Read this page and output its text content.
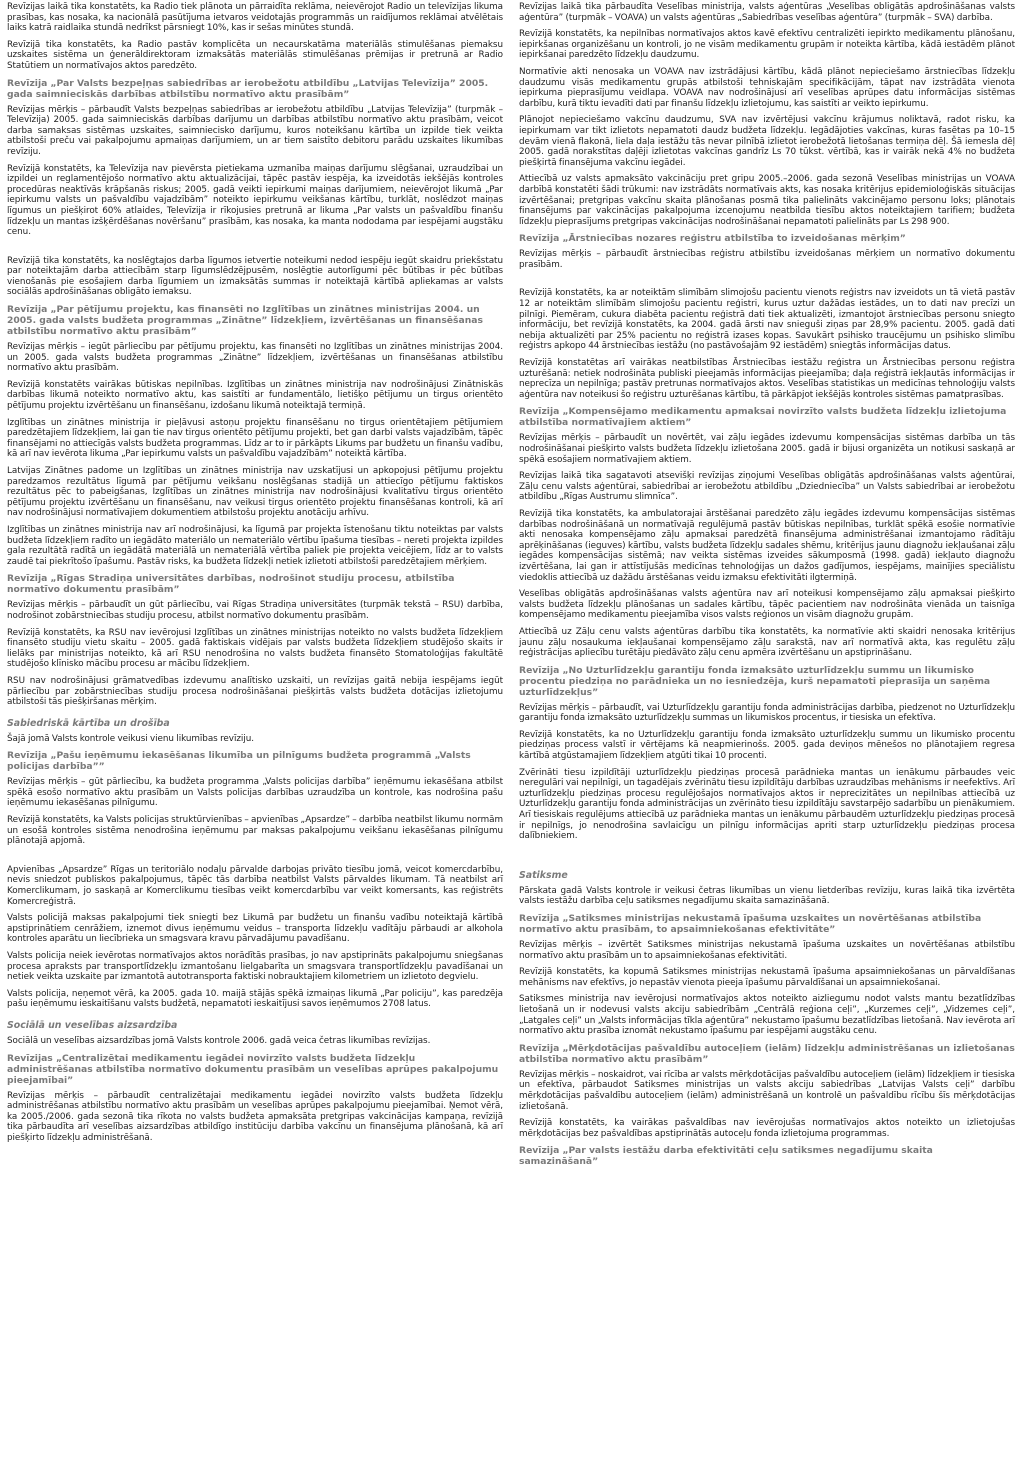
Revīzijas laikā tika konstatēts, ka Radio tiek plānota un pārraidīta reklāma, neievērojot Radio un televīzijas likuma prasības, kas nosaka, ka nacionālā pasūtījuma ietvaros veidotajās programmās un raidījumos reklāmai atvēlētais laiks katrā raidlaika stundā nedrīkst pārsniegt 10%, kas ir sešas minūtes stundā.
Revīzijā tika konstatēts, ka Radio pastāv komplicēta un necaurskatāma materiālās stimulēšanas piemaksu uzskaites sistēma un ģenerāldirektoram izmaksātās materiālās stimulēšanas prēmijas ir pretrunā ar Radio Statūtiem un normatīvajos aktos paredzēto.
Revīzija „Par Valsts bezpeļņas sabiedrības ar ierobežotu atbildību „Latvijas Televīzija” 2005. gada saimnieciskās darbības atbilstību normatīvo aktu prasībām”
Revīzijas mērķis – pārbaudīt Valsts bezpeļņas sabiedrības ar ierobežotu atbildību „Latvijas Televīzija” (turpmāk – Televīzija) 2005. gada saimnieciskās darbības darījumu un darbības atbilstību normatīvo aktu prasībām, veicot darba samaksas sistēmas uzskaites, saimniecisko darījumu, kuros noteikšanu kārtība un izpilde tiek veikta atbilstoši preču vai pakalpojumu apmaiņas darījumiem, un ar tiem saistīto debitoru parādu uzskaites likumības revīziju.
Revīzijā konstatēts, ka Televīzija nav pievērsta pietiekama uzmanība maiņas darījumu slēgšanai, uzraudzībai un izpildei un reglamentējošo normatīvo aktu aktualizācijai, tāpēc pastāv iespēja, ka izveidotās iekšējās kontroles procedūras neaktīvās krāpšanās riskus; 2005. gadā veikti iepirkumi maiņas darījumiem, neievērojot likumā „Par iepirkumu valsts un pašvaldību vajadzībām” noteikto iepirkumu veikšanas kārtību, turklāt, noslēdzot maiņas līgumus un piešķirot 60% atlaides, Televīzija ir rīkojusies pretrunā ar likuma „Par valsts un pašvaldību finanšu līdzekļu un mantas izšķērdēšanas novēršanu” prasībām, kas nosaka, ka manta nododama par iespējami augstāku cenu.
Revīzijā tika konstatēts, ka noslēgtajos darba līgumos ietvertie noteikumi nedod iespēju iegūt skaidru priekšstatu par noteiktajām darba attiecībām starp līgumslēdzējpusēm, noslēgtie autorlīgumi pēc būtības ir pēc būtības vienošanās pie esošajiem darba līgumiem un izmaksātās summas ir noteiktajā kārtībā apliekamas ar valsts sociālās apdrošināšanas obligāto iemaksu.
Revīzija „Par pētījumu projektu, kas finansēti no Izglītības un zinātnes ministrijas 2004. un 2005. gada valsts budžeta programmas „Zinātne” līdzekļiem, izvērtēšanas un finansēšanas atbilstību normatīvo aktu prasībām”
Revīzijas mērķis – iegūt pārliecību par pētījumu projektu, kas finansēti no Izglītības un zinātnes ministrijas 2004. un 2005. gada valsts budžeta programmas „Zinātne” līdzekļiem, izvērtēšanas un finansēšanas atbilstību normatīvo aktu prasībām.
Revīzijā konstatēts vairākas būtiskas nepilnības. Izglītības un zinātnes ministrija nav nodrošinājusi Zinātniskās darbības likumā noteikto normatīvo aktu, kas saistīti ar fundamentālo, lietišķo pētījumu un tirgus orientēto pētījumu projektu izvērtēšanu un finansēšanu, izdošanu likumā noteiktajā termiņā.
Izglītības un zinātnes ministrija ir pieļāvusi astoņu projektu finansēšanu no tirgus orientētajiem pētījumiem paredzētajiem līdzekļiem, lai gan tie nav tirgus orientēto pētījumu projekti, bet gan darbi valsts vajadzībām, tāpēc finansējami no attiecīgās valsts budžeta programmas. Līdz ar to ir pārkāpts Likums par budžetu un finanšu vadību, kā arī nav ievērota likuma „Par iepirkumu valsts un pašvaldību vajadzībām” noteiktā kārtība.
Latvijas Zinātnes padome un Izglītības un zinātnes ministrija nav uzskatījusi un apkopojusi pētījumu projektu paredzamos rezultātus līgumā par pētījumu veikšanu noslēgšanas stadijā un attiecīgo pētījumu faktiskos rezultātus pēc to pabeigšanas, Izglītības un zinātnes ministrija nav nodrošinājusi kvalitatīvu tirgus orientēto pētījumu projektu izvērtēšanu un finansēšanu, nav veikusi tirgus orientēto projektu finansēšanas kontroli, kā arī nav nodrošinājusi normatīvajiem dokumentiem atbilstošu projektu anotāciju arhīvu.
Izglītības un zinātnes ministrija nav arī nodrošinājusi, ka līgumā par projekta īstenošanu tiktu noteiktas par valsts budžeta līdzekļiem radīto un iegādāto materiālo un nemateriālo vērtību īpašuma tiesības – nereti projekta izpildes gala rezultātā radītā un iegādātā materiālā un nemateriālā vērtība paliek pie projekta veicējiem, līdz ar to valsts zaudē tai piekrītošo īpašumu. Pastāv risks, ka budžeta līdzekļi netiek izlietoti atbilstoši paredzētajiem mērķiem.
Revīzija „Rīgas Stradiņa universitātes darbības, nodrošinot studiju procesu, atbilstība normatīvo dokumentu prasībām”
Revīzijas mērķis – pārbaudīt un gūt pārliecību, vai Rīgas Stradiņa universitātes (turpmāk tekstā – RSU) darbība, nodrošinot zobārstniecības studiju procesu, atbilst normatīvo dokumentu prasībām.
Revīzijā konstatēts, ka RSU nav ievērojusi Izglītības un zinātnes ministrijas noteikto no valsts budžeta līdzekļiem finansēto studiju vietu skaitu – 2005. gadā faktiskais vidējais par valsts budžeta līdzekļiem studējošo skaits ir lielāks par ministrijas noteikto, kā arī RSU nenodrošina no valsts budžeta finansēto Stomatoloģijas fakultātē studējošo klīnisko mācību procesu ar mācību līdzekļiem.
RSU nav nodrošinājusi grāmatvedības izdevumu analītisko uzskaiti, un revīzijas gaitā nebija iespējams iegūt pārliecību par zobārstniecības studiju procesa nodrošināšanai piešķirtās valsts budžeta dotācijas izlietojumu atbilstoši tās piešķiršanas mērķim.
Sabiedriskā kārtība un drošība
Šajā jomā Valsts kontrole veikusi vienu likumības revīziju.
Revīzija „Pašu ieņēmumu iekasēšanas likumība un pilnīgums budžeta programmā „Valsts policijas darbība””
Revīzijas mērķis – gūt pārliecību, ka budžeta programma „Valsts policijas darbība” ieņēmumu iekasēšana atbilst spēkā esošo normatīvo aktu prasībām un Valsts policijas darbības uzraudzība un kontrole, kas nodrošina pašu ieņēmumu iekasēšanas pilnīgumu.
Revīzijā konstatēts, ka Valsts policijas struktūrvienības – apvienības „Apsardze” – darbība neatbilst likumu normām un esošā kontroles sistēma nenodrošina ieņēmumu par maksas pakalpojumu veikšanu iekasēšanas pilnīgumu plānotajā apjomā.
Apvienības „Apsardze” Rīgas un teritoriālo nodaļu pārvalde darbojas privāto tiesību jomā, veicot komercdarbību, nevis sniedzot publiskos pakalpojumus, tāpēc tās darbība neatbilst Valsts pārvaldes likumam. Tā neatbilst arī Komerclikumam, jo saskaņā ar Komerclikumu tiesības veikt komercdarbību var veikt komersants, kas reģistrēts Komercreģistrā.
Valsts policijā maksas pakalpojumi tiek sniegti bez Likumā par budžetu un finanšu vadību noteiktajā kārtībā apstiprinātiem cenrāžiem, iznemot divus ieņēmumu veidus – transporta līdzekļu vadītāju pārbaudi ar alkohola kontroles aparātu un liecībrieka un smagsvara kravu pārvadājumu pavadīšanu.
Valsts policija neiek ievērotas normatīvajos aktos norādītās prasības, jo nav apstiprināts pakalpojumu sniegšanas procesa apraksts par transportlīdzekļu izmantošanu lielgabarīta un smagsvara transportlīdzekļu pavadīšanai un netiek veikta uzskaite par izmantotā autotransporta faktiski nobrauktajiem kilometriem un izlietoto degvielu.
Valsts policija, neņemot vērā, ka 2005. gada 10. maijā stājās spēkā izmaiņas likumā „Par policiju”, kas paredzēja pašu ieņēmumu ieskaitīšanu valsts budžetā, nepamatoti ieskaitījusi savos ieņēmumos 2708 latus.
Sociālā un veselības aizsardzība
Sociālā un veselības aizsardzības jomā Valsts kontrole 2006. gadā veica četras likumības revīzijas.
Revīzijas „Centralizētai medikamentu iegādei novirzīto valsts budžeta līdzekļu administrēšanas atbilstība normatīvo dokumentu prasībām un veselības aprūpes pakalpojumu pieejamībai”
Revīzijas mērķis – pārbaudīt centralizētajai medikamentu iegādei novirzīto valsts budžeta līdzekļu administrēšanas atbilstību normatīvo aktu prasībām un veselības aprūpes pakalpojumu pieejamībai. Ņemot vērā, ka 2005./2006. gada sezonā tika rīkota no valsts budžeta apmaksāta pretgripas vakcinācijas kampaņa, revīzijā tika pārbaudīta arī veselības aizsardzības atbildīgo institūciju darbība vakcīnu un finansējuma plānošanā, kā arī piešķirto līdzekļu administrēšanā.
Revīzijas laikā tika pārbaudīta Veselības ministrija, valsts aģentūras „Veselības obligātās apdrošināšanas valsts aģentūra” (turpmāk – VOAVA) un valsts aģentūras „Sabiedrības veselības aģentūra” (turpmāk – SVA) darbība.
Revīzijā konstatēts, ka nepilnības normatīvajos aktos kavē efektīvu centralizēti iepirkto medikamentu plānošanu, iepirkšanas organizēšanu un kontroli, jo ne visām medikamentu grupām ir noteikta kārtība, kādā iestādēm plānot iepirkšanai paredzēto līdzekļu daudzumu.
Normatīvie akti nenosaka un VOAVA nav izstrādājusi kārtību, kādā plānot nepieciešamo ārstniecības līdzekļu daudzumu visās medikamentu grupās atbilstoši tehniskajām specifikācijām, tāpat nav izstrādāta vienota iepirkuma pieprasījumu veidlapa. VOAVA nav nodrošinājusi arī veselības aprūpes datu informācijas sistēmas darbību, kurā tiktu ievadīti dati par finanšu līdzekļu izlietojumu, kas saistīti ar veikto iepirkumu.
Plānojot nepieciešamo vakcīnu daudzumu, SVA nav izvērtējusi vakcīnu krājumus noliktavā, radot risku, ka iepirkumam var tikt izlietots nepamatoti daudz budžeta līdzekļu. Iegādājoties vakcīnas, kuras fasētas pa 10–15 devām vienā flakonā, liela daļa iestāžu tās nevar pilnībā izlietot ierobežotā lietošanas termiņa dēļ. Šā iemesla dēļ 2005. gadā norakstītas daļēji izlietotas vakcīnas gandrīz Ls 70 tūkst. vērtībā, kas ir vairāk nekā 4% no budžeta piešķirtā finansējuma vakcīnu iegādei.
Attiecībā uz valsts apmaksāto vakcināciju pret gripu 2005.–2006. gada sezonā Veselības ministrijas un VOAVA darbībā konstatēti šādi trūkumi: nav izstrādāts normatīvais akts, kas nosaka kritērijus epidemioloģiskās situācijas izvērtēšanai; pretgripas vakcīnu skaita plānošanas posmā tika palielināts vakcinējamo personu loks; plānotais finansējums par vakcinācijas pakalpojuma izcenojumu neatbilda tiesību aktos noteiktajiem tarifiem; budžeta līdzekļu pieprasījums pretgripas vakcinācijas nodrošināšanai nepamatoti palielināts par Ls 298 900.
Revīzija „Ārstniecības nozares reģistru atbilstība to izveidošanas mērķim”
Revīzijas mērķis – pārbaudīt ārstniecības reģistru atbilstību izveidošanas mērķiem un normatīvo dokumentu prasībām.
Revīzijā konstatēts, ka ar noteiktām slimībām slimojošu pacientu vienots reģistrs nav izveidots un tā vietā pastāv 12 ar noteiktām slimībām slimojošu pacientu reģistri, kurus uztur dažādas iestādes, un to dati nav precīzi un pilnīgi. Piemēram, cukura diabēta pacientu reģistrā dati tiek aktualizēti, izmantojot ārstniecības personu sniegto informāciju, bet revīzijā konstatēts, ka 2004. gadā ārsti nav snieguši ziņas par 28,9% pacientu. 2005. gadā dati nebija aktualizēti par 25% pacientu no reģistrā izases kopas. Savukārt psihisko traucējumu un psihisko slimību reģistrs apkopo 44 ārstniecības iestāžu (no pastāvošajām 92 iestādēm) sniegtās informācijas datus.
Revīzijā konstatētas arī vairākas neatbilstības Ārstniecības iestāžu reģistra un Ārstniecības personu reģistra uzturēšanā: netiek nodrošināta publiski pieejamās informācijas pieejamība; daļa reģistrā iekļautās informācijas ir neprecīza un nepilnīga; pastāv pretrunas normatīvajos aktos. Veselības statistikas un medicīnas tehnoloģiju valsts aģentūra nav noteikusi šo reģistru uzturēšanas kārtību, tā pārkāpjot iekšējās kontroles sistēmas pamatprasības.
Revīzija „Kompensējamo medikamentu apmaksai novirzīto valsts budžeta līdzekļu izlietojuma atbilstība normatīvajiem aktiem”
Revīzijas mērķis – pārbaudīt un novērtēt, vai zāļu iegādes izdevumu kompensācijas sistēmas darbība un tās nodrošināšanai piešķirto valsts budžeta līdzekļu izlietošana 2005. gadā ir bijusi organizēta un notikusi saskaņā ar spēkā esošajiem normatīvajiem aktiem.
Revīzijas laikā tika sagatavoti atsevišķi revīzijas ziņojumi Veselības obligātās apdrošināšanas valsts aģentūrai, Zāļu cenu valsts aģentūrai, sabiedrībai ar ierobežotu atbildību „Dziedniecība” un Valsts sabiedrībai ar ierobežotu atbildību „Rīgas Austrumu slimnīca”.
Revīzijā tika konstatēts, ka ambulatorajai ārstēšanai paredzēto zāļu iegādes izdevumu kompensācijas sistēmas darbības nodrošināšanā un normatīvajā regulējumā pastāv būtiskas nepilnības, turklāt spēkā esošie normatīvie akti nenosaka kompensējamo zāļu apmaksai paredzētā finansējuma administrēšanai izmantojamo rādītāju aprēķināšanas (ieguves) kārtību, valsts budžeta līdzekļu sadales shēmu, kritērijus jaunu diagnožu iekļaušanai zāļu iegādes kompensācijas sistēmā; nav veikta sistēmas izveides sākumposmā (1998. gadā) iekļauto diagnožu izvērtēšana, lai gan ir attīstījušās medicīnas tehnoloģijas un dažos gadījumos, iespējams, mainījies speciālistu viedoklis attiecībā uz dažādu ārstēšanas veidu izmaksu efektivitāti ilgtermiņā.
Veselības obligātās apdrošināšanas valsts aģentūra nav arī noteikusi kompensējamo zāļu apmaksai piešķirto valsts budžeta līdzekļu plānošanas un sadales kārtību, tāpēc pacientiem nav nodrošināta vienāda un taisnīga kompensējamo medikamentu pieejamība visos valsts reģionos un visām diagnožu grupām.
Attiecībā uz Zāļu cenu valsts aģentūras darbību tika konstatēts, ka normatīvie akti skaidri nenosaka kritērijus jaunu zāļu nosaukuma iekļaušanai kompensējamo zāļu sarakstā, nav arī normatīvā akta, kas regulētu zāļu reģistrācijas apliecību turētāju piedāvāto zāļu cenu apmēra izvērtēšanu un apstiprināšanu.
Revīzija „No Uzturlīdzekļu garantiju fonda izmaksāto uzturlīdzekļu summu un likumisko procentu piedziņa no parādnieka un no iesniedzēja, kurš nepamatoti pieprasīja un saņēma uzturlīdzekļus”
Revīzijas mērķis – pārbaudīt, vai Uzturlīdzekļu garantiju fonda administrācijas darbība, piedzenot no Uzturlīdzekļu garantiju fonda izmaksāto uzturlīdzekļu summas un likumiskos procentus, ir tiesiska un efektīva.
Revīzijā konstatēts, ka no Uzturlīdzekļu garantiju fonda izmaksāto uzturlīdzekļu summu un likumisko procentu piedziņas process valstī ir vērtējams kā neapmierinošs. 2005. gada deviņos mēnešos no plānotajiem regresa kārtībā atgūstamajiem līdzekļiem atgūti tikai 10 procenti.
Zvērināti tiesu izpildītāji uzturlīdzekļu piedziņas procesā parādnieka mantas un ienākumu pārbaudes veic neregulāri vai nepilnīgi, un tagadējais zvērinātu tiesu izpildītāju darbības uzraudzības mehānisms ir neefektīvs. Arī uzturlīdzekļu piedziņas procesu regulējošajos normatīvajos aktos ir neprecizitātes un nepilnības attiecībā uz Uzturlīdzekļu garantiju fonda administrācijas un zvērināto tiesu izpildītāju savstarpējo sadarbību un pienākumiem. Arī tiesiskais regulējums attiecībā uz parādnieka mantas un ienākumu pārbaudēm uzturlīdzekļu piedziņas procesā ir nepilnīgs, jo nenodrošina savlaicīgu un pilnīgu informācijas apriti starp uzturlīdzekļu piedziņas procesa dalībniekiem.
Satiksme
Pārskata gadā Valsts kontrole ir veikusi četras likumības un vienu lietderības revīziju, kuras laikā tika izvērtēta valsts iestāžu darbība ceļu satiksmes negadījumu skaita samazināšanā.
Revīzija „Satiksmes ministrijas nekustamā īpašuma uzskaites un novērtēšanas atbilstība normatīvo aktu prasībām, to apsaimniekošanas efektivitāte”
Revīzijas mērķis – izvērtēt Satiksmes ministrijas nekustamā īpašuma uzskaites un novērtēšanas atbilstību normatīvo aktu prasībām un to apsaimniekošanas efektivitāti.
Revīzijā konstatēts, ka kopumā Satiksmes ministrijas nekustamā īpašuma apsaimniekošanas un pārvaldīšanas mehānisms nav efektīvs, jo nepastāv vienota pieeja īpašumu pārvaldīšanai un apsaimniekošanai.
Satiksmes ministrija nav ievērojusi normatīvajos aktos noteikto aizliegumu nodot valsts mantu bezatlīdzības lietošanā un ir nodevusi valsts akciju sabiedrībām „Centrālā reģiona ceļi”, „Kurzemes ceļi”, „Vidzemes ceļi”, „Latgales ceļi” un „Valsts informācijas tīkla aģentūra” nekustamo īpašumu bezatlīdzības lietošanā. Nav ievērota arī normatīvo aktu prasība iznomāt nekustamo īpašumu par iespējami augstāku cenu.
Revīzija „Mērķdotācijas pašvaldību autoceļiem (ielām) līdzekļu administrēšanas un izlietošanas atbilstība normatīvo aktu prasībām”
Revīzijas mērķis – noskaidrot, vai rīcība ar valsts mērķdotācijas pašvaldību autoceļiem (ielām) līdzekļiem ir tiesiska un efektīva, pārbaudot Satiksmes ministrijas un valsts akciju sabiedrības „Latvijas Valsts ceļi” darbību mērķdotācijas pašvaldību autoceļiem (ielām) administrēšanā un kontrolē un pašvaldību rīcību šīs mērķdotācijas izlietošanā.
Revīzijā konstatēts, ka vairākas pašvaldības nav ievērojušas normatīvajos aktos noteikto un izlietojušas mērķdotācijas bez pašvaldības apstiprinātās autoceļu fonda izlietojuma programmas.
Revīzija „Par valsts iestāžu darba efektivitāti ceļu satiksmes negadījumu skaita samazināšanā”
